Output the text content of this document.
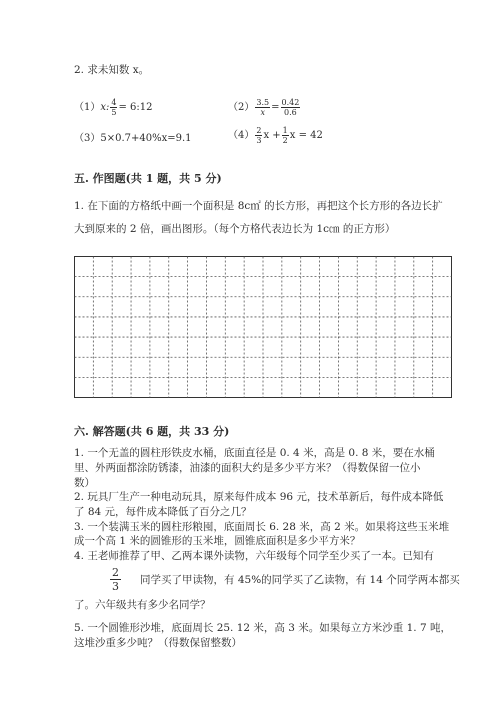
2. 求未知数 x。
（1）x: $\frac{4}{5}$ = 6:12	$(2) \frac{3.5}{x} = \frac{0.42}{0.6}$
（3）5×0.7+40%x=9.1	$(4) \frac{2}{3}$ $x + \frac{1}{2}$ x = 42
五. 作图题(共 1 题，共 5 分)
1. 在下面的方格纸中画一个面积是 8c㎡ 的长方形，再把这个长方形的各边长扩
大到原来的 2 倍，画出图形。（每个方格代表边长为 1c㎝ 的正方形）
六. 解答题(共 6 题，共 33 分)
1. 一个无盖的圆柱形铁皮水桶，底面直径是 0. 4 米，高是 0. 8 米，要在水桶
里、外两面都涂防锈漆，油漆的面积大约是多少平方米？（得数保留一位小
数）
2. 玩具厂生产一种电动玩具，原来每件成本 96 元，技术革新后，每件成本降低
了 84 元，每件成本降低了百分之几？
3. 一个装满玉米的圆柱形粮囤，底面周长 6. 28 米，高 2 米。如果将这些玉米堆
成一个高 1 米的圆锥形的玉米堆，圆锥底面积是多少平方米？
4. 王老师推荐了甲、乙两本课外读物，六年级每个同学至少买了一本。已知有
$\frac{2}{3}$ 同学买了甲读物，有 45%的同学买了乙读物，有 14 个同学两本都买
了。六年级共有多少名同学？
5. 一个圆锥形沙堆，底面周长 25. 12 米，高 3 米。如果每立方米沙重 1. 7 吨，
这堆沙重多少吨？（得数保留整数）
